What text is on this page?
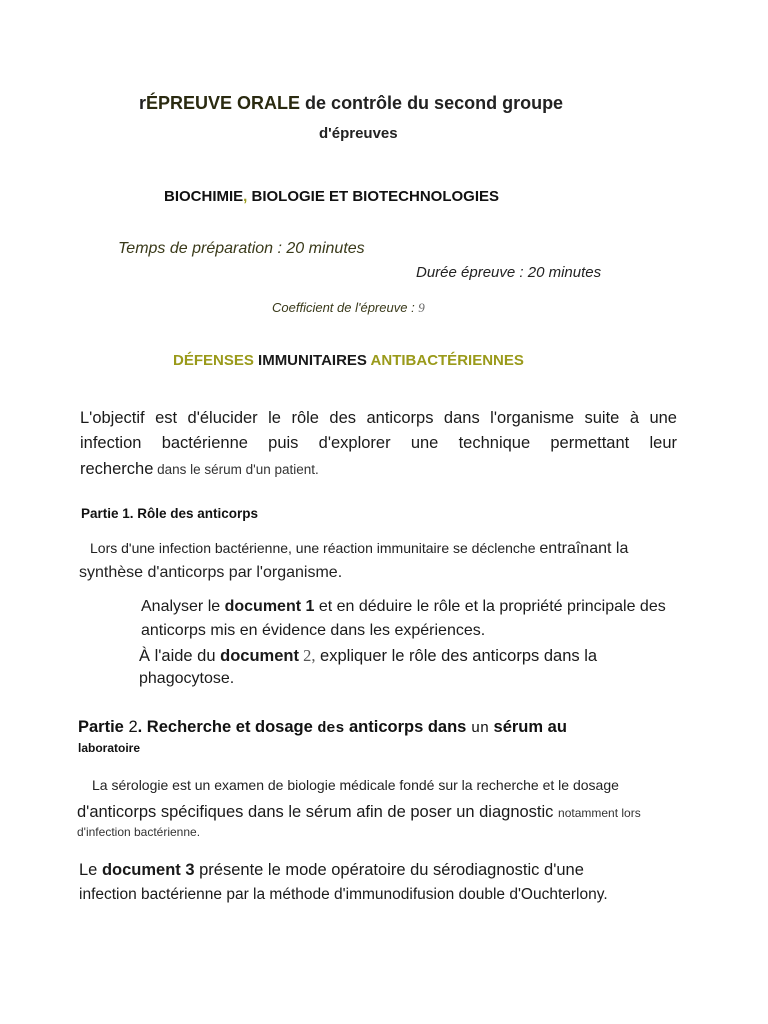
rÉPREUVE ORALE de contrôle du second groupe
d'épreuves
BIOCHIMIE, BIOLOGIE ET BIOTECHNOLOGIES
Temps de préparation : 20 minutes
Durée épreuve : 20 minutes
Coefficient de l'épreuve : 9
DÉFENSES IMMUNITAIRES ANTIBACTÉRIENNES
L'objectif est d'élucider le rôle des anticorps dans l'organisme suite à une
infection bactérienne puis d'explorer une technique permettant leur
recherche dans le sérum d'un patient.
Partie 1. Rôle des anticorps
Lors d'une infection bactérienne, une réaction immunitaire se déclenche entraînant la
synthèse d'anticorps par l'organisme.
Analyser le document 1 et en déduire le rôle et la propriété principale des
anticorps mis en évidence dans les expériences.
À l'aide du document 2, expliquer le rôle des anticorps dans la
phagocytose.
Partie 2. Recherche et dosage des anticorps dans un sérum au
laboratoire
La sérologie est un examen de biologie médicale fondé sur la recherche et le dosage
d'anticorps spécifiques dans le sérum afin de poser un diagnostic notamment lors
d'infection bactérienne.
Le document 3 présente le mode opératoire du sérodiagnostic d'une
infection bactérienne par la méthode d'immunodifusion double d'Ouchterlony.
